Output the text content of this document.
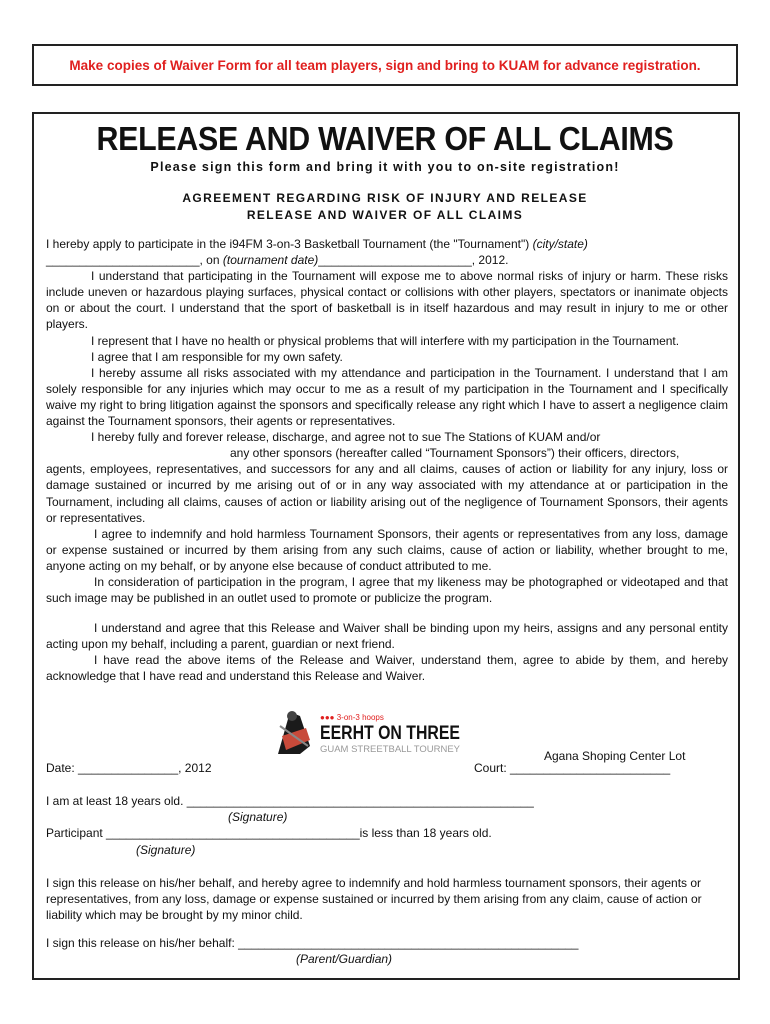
Make copies of Waiver Form for all team players, sign and bring to KUAM for advance registration.
RELEASE AND WAIVER OF ALL CLAIMS
Please sign this form and bring it with you to on-site registration!
AGREEMENT REGARDING RISK OF INJURY AND RELEASE
RELEASE AND WAIVER OF ALL CLAIMS

I hereby apply to participate in the i94FM 3-on-3 Basketball Tournament (the "Tournament") (city/state)

_______________________, on (tournament date)_______________________, 2012.

I understand that participating in the Tournament will expose me to above normal risks of injury or harm. These risks include uneven or hazardous playing surfaces, physical contact or collisions with other players, spectators or inanimate objects on or about the court. I understand that the sport of basketball is in itself hazardous and may result in injury to me or other players.

I represent that I have no health or physical problems that will interfere with my participation in the Tournament.

I agree that I am responsible for my own safety.

I hereby assume all risks associated with my attendance and participation in the Tournament. I understand that I am solely responsible for any injuries which may occur to me as a result of my participation in the Tournament and I specifically waive my right to bring litigation against the sponsors and specifically release any right which I have to assert a negligence claim against the Tournament sponsors, their agents or representatives.

I hereby fully and forever release, discharge, and agree not to sue The Stations of KUAM and/or

any other sponsors (hereafter called “Tournament Sponsors”) their officers, directors,

agents, employees, representatives, and successors for any and all claims, causes of action or liability for any injury, loss or damage sustained or incurred by me arising out of or in any way associated with my attendance at or participation in the Tournament, including all claims, causes of action or liability arising out of the negligence of Tournament Sponsors, their agents or representatives.

I agree to indemnify and hold harmless Tournament Sponsors, their agents or representatives from any loss, damage or expense sustained or incurred by them arising from any such claims, cause of action or liability, whether brought to me, anyone acting on my behalf, or by anyone else because of conduct attributed to me.

In consideration of participation in the program, I agree that my likeness may be photographed or videotaped and that such image may be published in an outlet used to promote or publicize the program.

I understand and agree that this Release and Waiver shall be binding upon my heirs, assigns and any personal entity acting upon my behalf, including a parent, guardian or next friend.

I have read the above items of the Release and Waiver, understand them, agree to abide by them, and hereby acknowledge that I have read and understand this Release and Waiver.

●●● 3-on-3 hoops
EERHT ON THREE
GUAM STREETBALL TOURNEY
Date: _______________, 2012
Agana Shoping Center Lot
Court: ________________________
I am at least 18 years old. ____________________________________________________
(Signature)
Participant ______________________________________is less than 18 years old.
(Signature)
I sign this release on his/her behalf, and hereby agree to indemnify and hold harmless tournament sponsors, their agents or representatives, from any loss, damage or expense sustained or incurred by them arising from any claim, cause of action or liability which may be brought by my minor child.
I sign this release on his/her behalf: ___________________________________________________
(Parent/Guardian)
